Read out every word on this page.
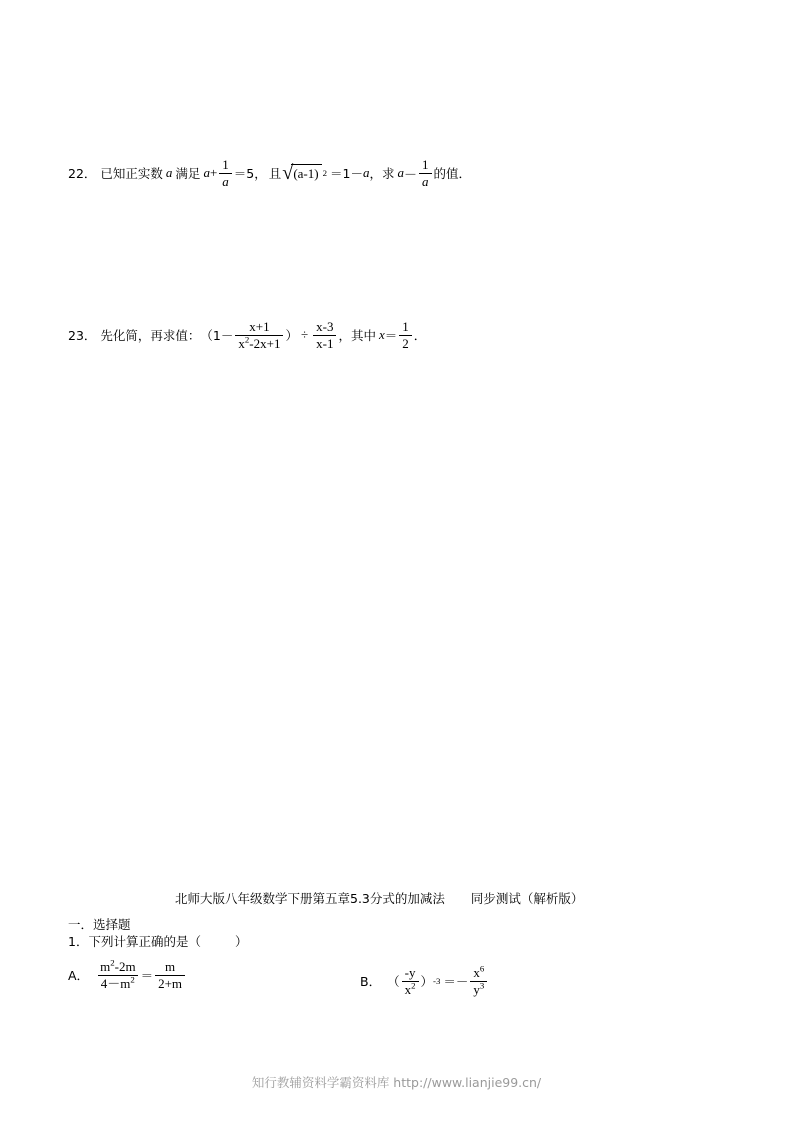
22． 已知正实数 a 满足 $a + \frac{1}{a} =5$， 且 √ (a-1) 2 ＝1－ a ， 求 $a - \frac{1}{a}$ 的值．
23． 先化简，再求值： （$1- \frac{x+1}{x^2-2x+1}$ ） ÷ $\frac{x-3}{x-1}$ ， 其中 $x = \frac{1}{2}$ ．
北师大版八年级数学下册第五章5.3分式的加减法 同步测试（解析版）
一．选择题
1．下列计算正确的是（	）
A． $\frac{m^2-2m}{4-m^2} = \frac{m}{2+m}$	B． （ $\frac{-y}{x^2}$ ） $-3 =- \frac{x^6}{y^3}$
知行教辅资料学霸资料库 http://www.lianjie99.cn/
